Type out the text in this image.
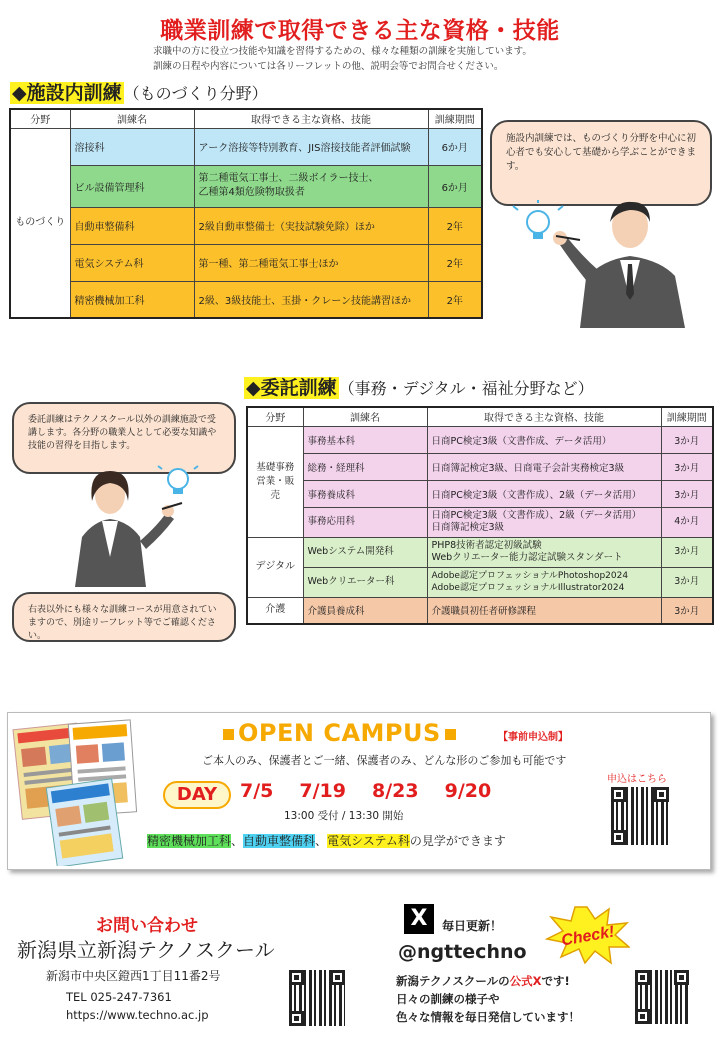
職業訓練で取得できる主な資格・技能
求職中の方に役立つ技能や知識を習得するための、様々な種類の訓練を実施しています。
訓練の日程や内容については各リーフレットの他、説明会等でお問合せください。
◆施設内訓練 （ものづくり分野）
分野	訓練名	取得できる主な資格、技能	訓練期間
ものづくり	溶接科	アーク溶接等特別教育、JIS溶接技能者評価試験	6か月
	ビル設備管理科	第二種電気工事士、二級ボイラー技士、
乙種第4類危険物取扱者	6か月
	自動車整備科	2級自動車整備士（実技試験免除）ほか	2年
	電気システム科	第一種、第二種電気工事士ほか	2年
	精密機械加工科	2級、3級技能士、玉掛・クレーン技能講習ほか	2年
施設内訓練では、ものづくり分野を中心に初心者でも安心して基礎から学ぶことができます。
◆委託訓練 （事務・デジタル・福祉分野など）
委託訓練はテクノスクール以外の訓練施設で受講します。各分野の職業人として必要な知識や技能の習得を目指します。
右表以外にも様々な訓練コースが用意されていますので、別途リーフレット等でご確認ください。
分野	訓練名	取得できる主な資格、技能	訓練期間

基礎事務
営業・販売	事務基本科	日商PC検定3級（文書作成、データ活用）	3か月
	総務・経理科	日商簿記検定3級、日商電子会計実務検定3級	3か月
	事務養成科	日商PC検定3級（文書作成）、2級（データ活用）	3か月
	事務応用科	日商PC検定3級（文書作成）、2級（データ活用）
日商簿記検定3級	4か月
デジタル	Webシステム開発科	PHP8技術者認定初級試験
Webクリエーター能力認定試験スタンダート	3か月
	Webクリエーター科	Adobe認定プロフェッショナルPhotoshop2024
Adobe認定プロフェッショナルIllustrator2024	3か月
介護	介護員養成科	介護職員初任者研修課程	3か月
OPEN CAMPUS	【事前申込制】
ご本人のみ、保護者とご一緒、保護者のみ、どんな形のご参加も可能です
DAY	7/5 7/19 8/23 9/20
13:00 受付 / 13:30 開始
精密機械加工科、自動車整備科、電気システム科の見学ができます
申込はこちら
お問い合わせ
新潟県立新潟テクノスクール
新潟市中央区鐙西1丁目11番2号
TEL 025-247-7361
https://www.techno.ac.jp
X	毎日更新！
@ngttechno
Check!
新潟テクノスクールの公式Xです!
日々の訓練の様子や
色々な情報を毎日発信しています！
